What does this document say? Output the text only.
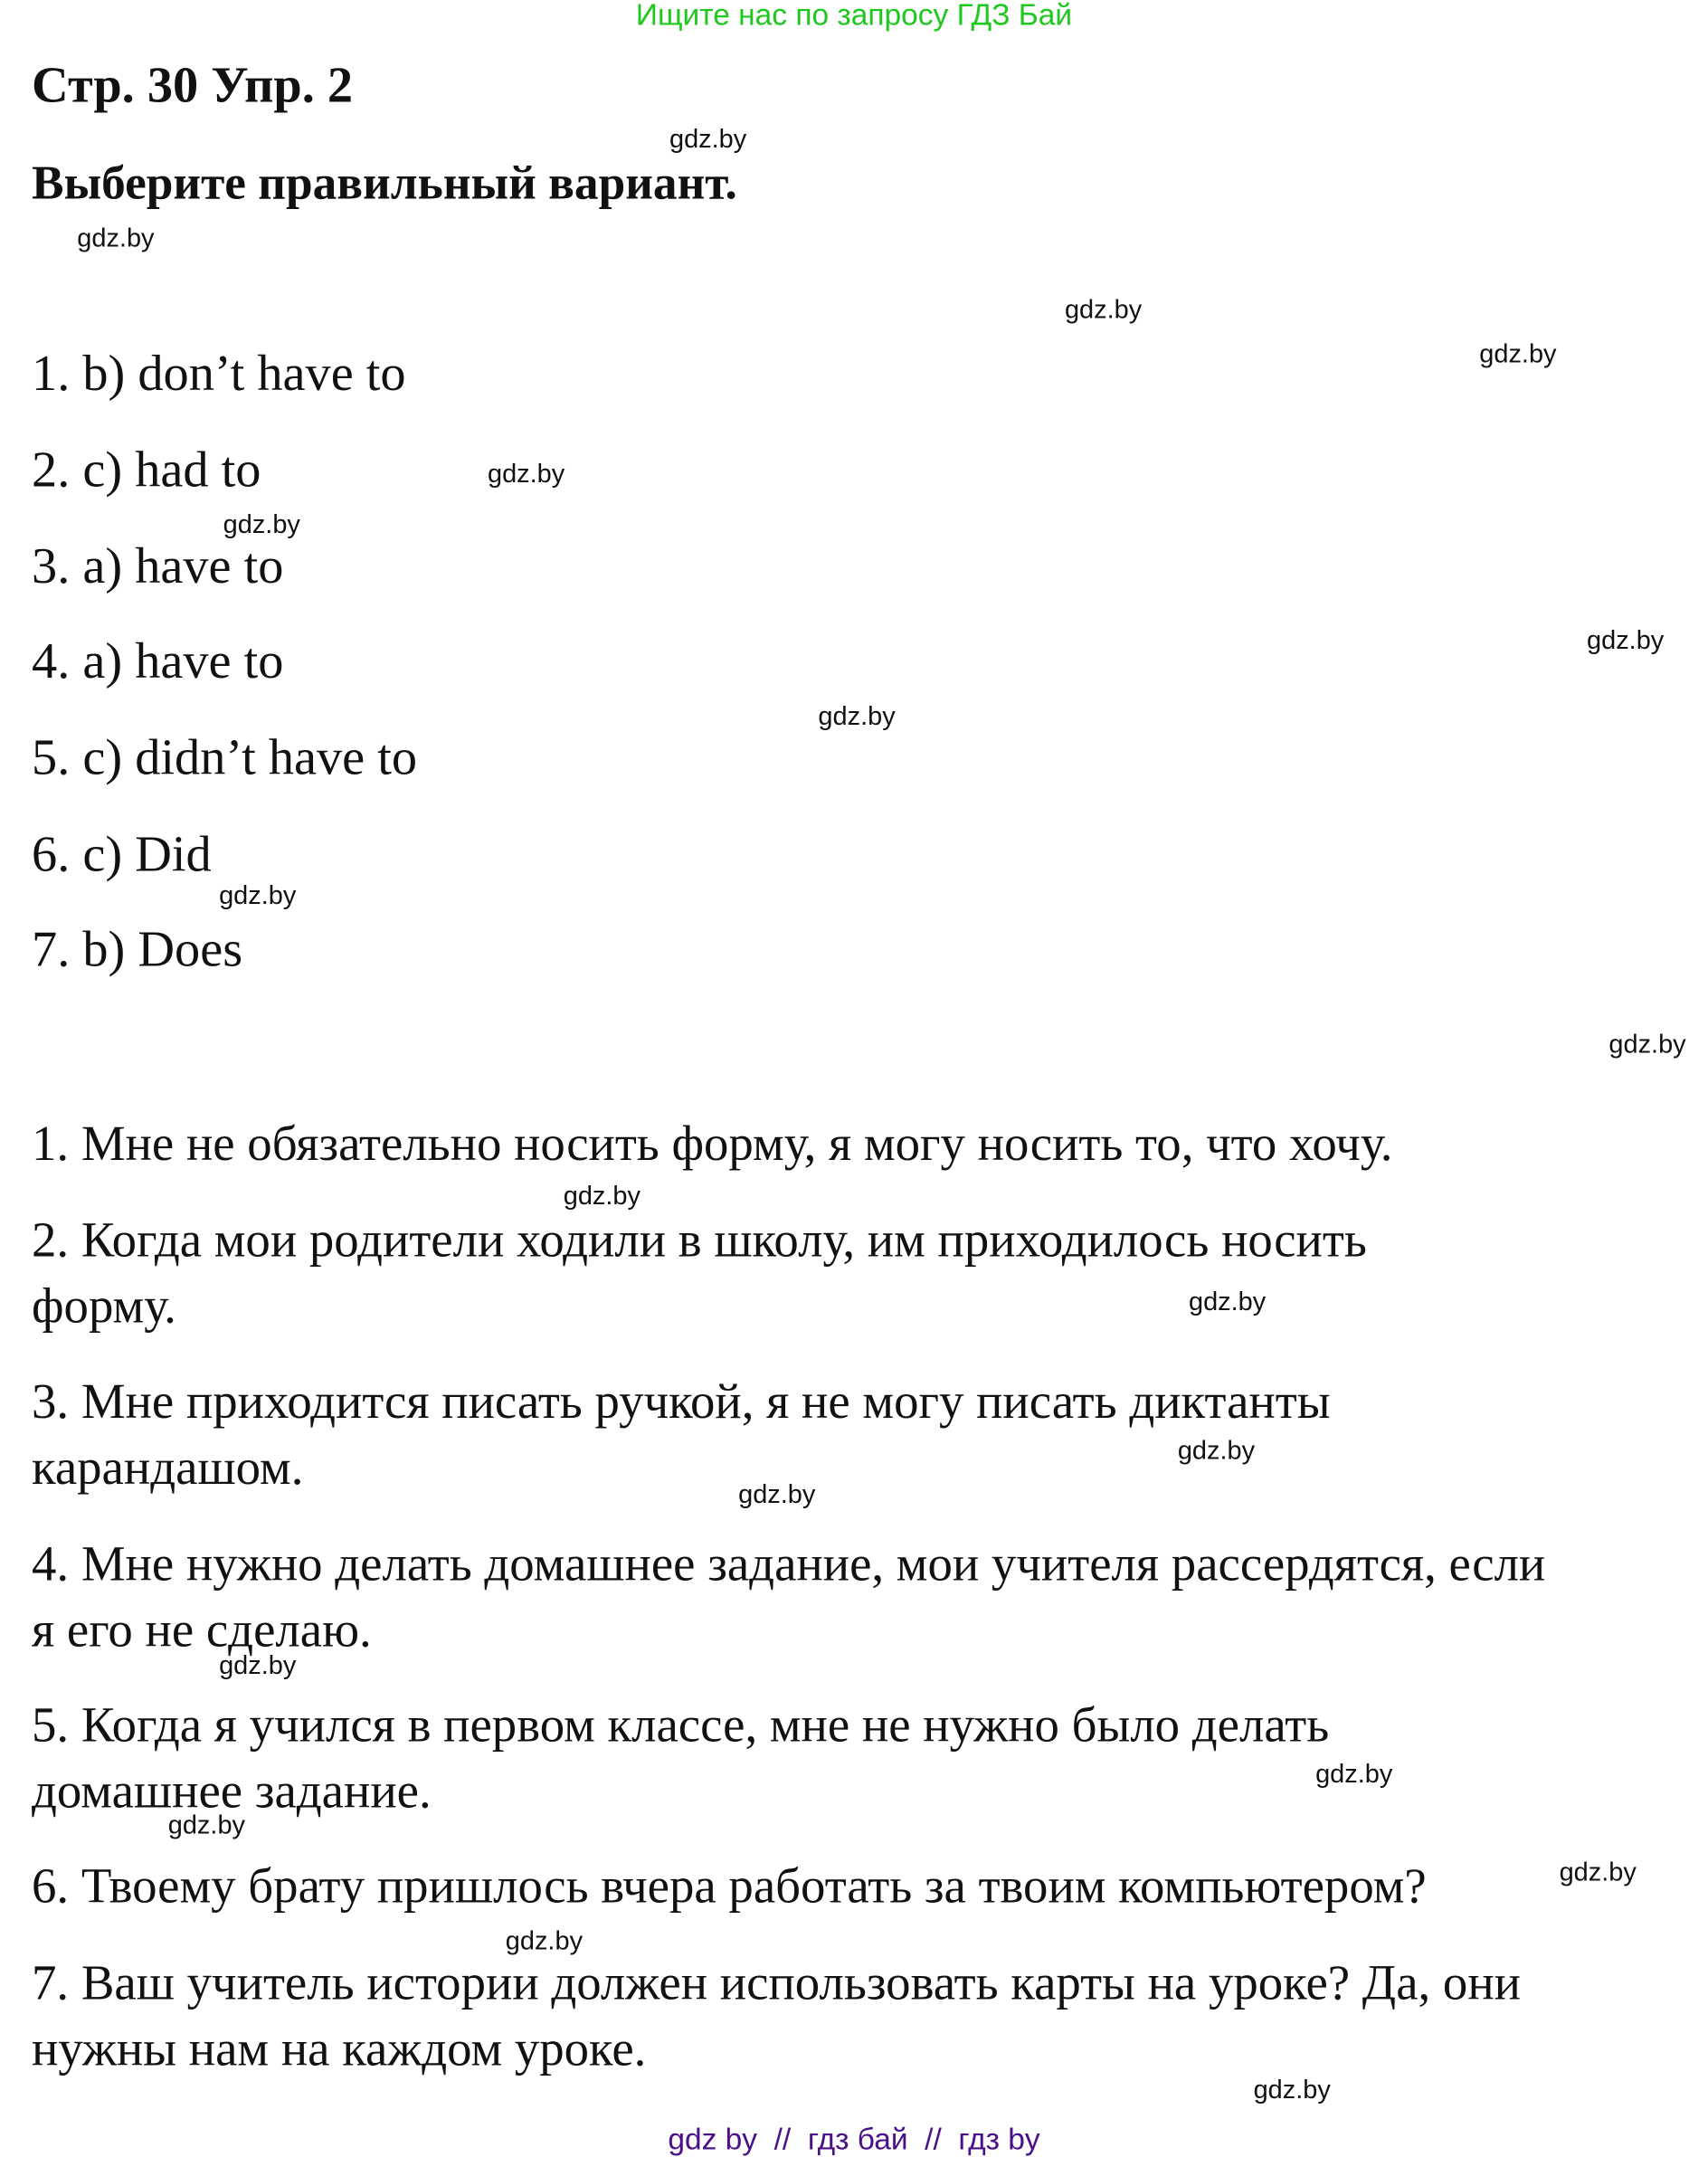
Ищите нас по запросу ГДЗ Бай
Стр. 30 Упр. 2
Выберите правильный вариант.
1. b) don’t have to
2. c) had to
3. a) have to
4. a) have to
5. c) didn’t have to
6. c) Did
7. b) Does
1. Мне не обязательно носить форму, я могу носить то, что хочу.
2. Когда мои родители ходили в школу, им приходилось носить форму.
3. Мне приходится писать ручкой, я не могу писать диктанты карандашом.
4. Мне нужно делать домашнее задание, мои учителя рассердятся, если я его не сделаю.
5. Когда я учился в первом классе, мне не нужно было делать домашнее задание.
6. Твоему брату пришлось вчера работать за твоим компьютером?
7. Ваш учитель истории должен использовать карты на уроке? Да, они нужны нам на каждом уроке.
gdz.by
gdz.by
gdz.by
gdz.by
gdz.by
gdz.by
gdz.by
gdz.by
gdz.by
gdz.by
gdz.by
gdz.by
gdz.by
gdz.by
gdz.by
gdz.by
gdz.by
gdz.by
gdz.by
gdz.by
gdz by  //  гдз бай  //  гдз by
